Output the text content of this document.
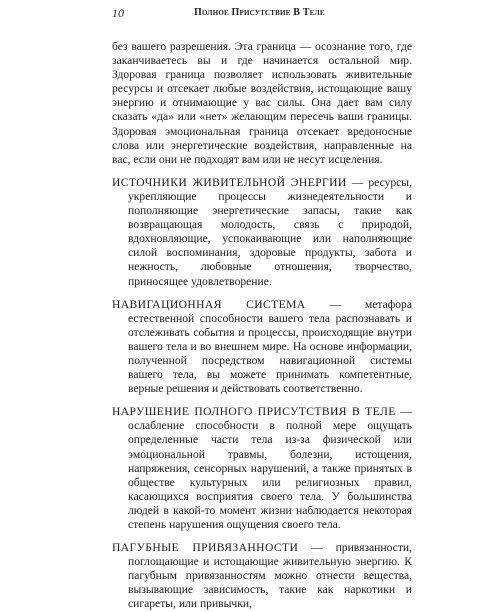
10	Полное Присутствие В Теле

без вашего разрешения. Эта граница — осознание того, где заканчиваетесь вы и где начинается остальной мир. Здоровая граница позволяет использовать живительные ресурсы и отсекает любые воздействия, истощающие вашу энергию и отнимающие у вас силы. Она дает вам силу сказать «да» или «нет» желающим пересечь ваши границы. Здоровая эмоциональная граница отсекает вредоносные слова или энергетические воздействия, направленные на вас, если они не подходят вам или не несут исцеления.

ИСТОЧНИКИ ЖИВИТЕЛЬНОЙ ЭНЕРГИИ — ресурсы, укрепляющие процессы жизнедеятельности и пополняющие энергетические запасы, такие как возвращающая молодость, связь с природой, вдохновляющие, успокаивающие или наполняющие силой воспоминания, здоровые продукты, забота и нежность, любовные отношения, творчество, приносящее удовлетворение.

НАВИГАЦИОННАЯ СИСТЕМА — метафора естественной способности вашего тела распознавать и отслеживать события и процессы, происходящие внутри вашего тела и во внешнем мире. На основе информации, полученной посредством навигационной системы вашего тела, вы можете принимать компетентные, верные решения и действовать соответственно.

НАРУШЕНИЕ ПОЛНОГО ПРИСУТСТВИЯ В ТЕЛЕ — ослабление способности в полной мере ощущать определенные части тела из-за физической или эмоциональной травмы, болезни, истощения, напряжения, сенсорных нарушений, а также принятых в обществе культурных или религиозных правил, касающихся восприятия своего тела. У большинства людей в какой-то момент жизни наблюдается некоторая степень нарушения ощущения своего тела.

ПАГУБНЫЕ ПРИВЯЗАННОСТИ — привязанности, поглощающие и истощающие живительную энергию. К пагубным привязанностям можно отнести вещества, вызывающие зависимость, такие как наркотики и сигареты, или привычки,
